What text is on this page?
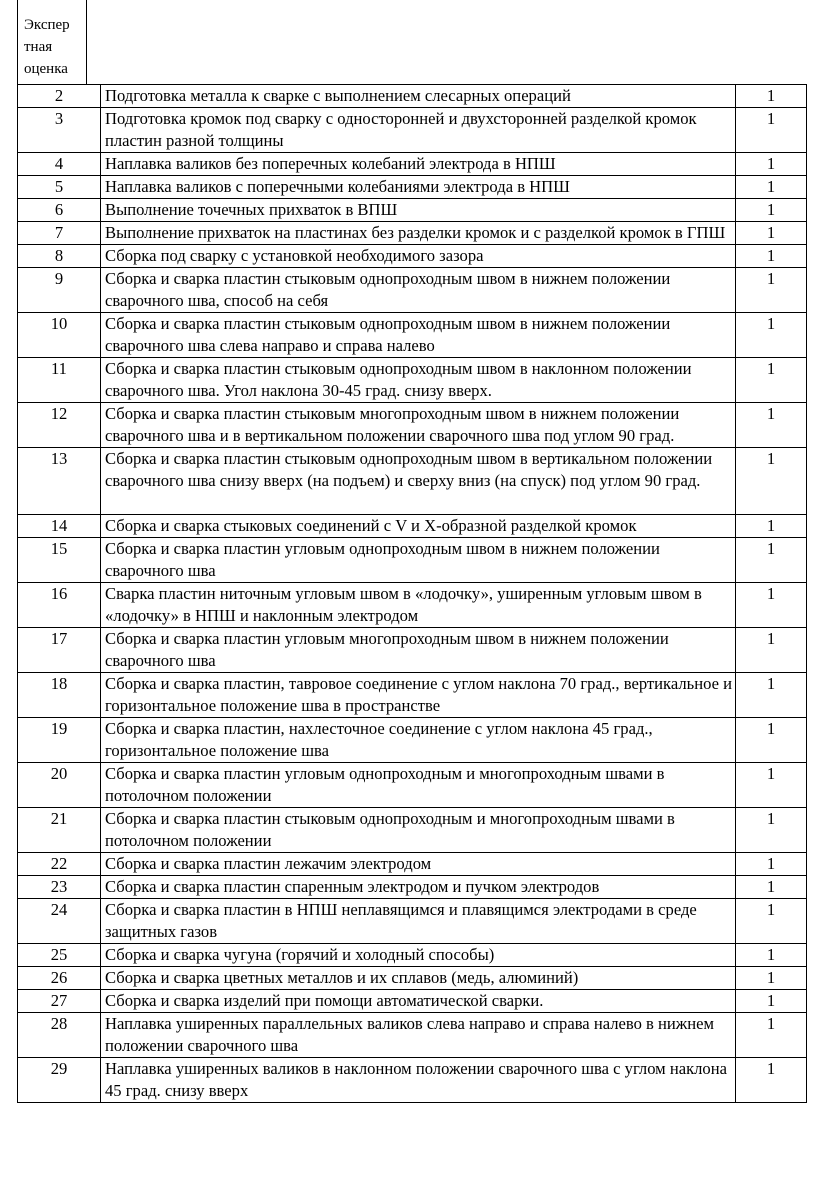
Экспер
тная
оценка
2	Подготовка металла к сварке с выполнением слесарных операций	1
3	Подготовка кромок под сварку с односторонней и двухсторонней разделкой кромок пластин разной толщины	1
4	Наплавка валиков без поперечных колебаний электрода в НПШ	1
5	Наплавка валиков с поперечными колебаниями электрода в НПШ	1
6	Выполнение точечных прихваток в ВПШ	1
7	Выполнение прихваток на пластинах без разделки кромок и с разделкой кромок в ГПШ	1
8	Сборка под сварку с установкой необходимого зазора	1
9	Сборка и сварка пластин стыковым однопроходным швом в нижнем положении сварочного шва, способ на себя	1
10	Сборка и сварка пластин стыковым однопроходным швом в нижнем положении сварочного шва слева направо и справа налево	1
11	Сборка и сварка пластин стыковым однопроходным швом в наклонном положении сварочного шва. Угол наклона 30-45 град. снизу вверх.	1
12	Сборка и сварка пластин стыковым многопроходным швом в нижнем положении сварочного шва и в вертикальном положении сварочного шва под углом 90 град.	1
13	Сборка и сварка пластин стыковым однопроходным швом в вертикальном положении сварочного шва снизу вверх (на подъем) и сверху вниз (на спуск) под углом 90 град.	1
14	Сборка и сварка стыковых соединений с V и X-образной разделкой кромок	1
15	Сборка и сварка пластин угловым однопроходным швом в нижнем положении сварочного шва	1
16	Сварка пластин ниточным угловым швом в «лодочку», уширенным угловым швом в «лодочку» в НПШ и наклонным электродом	1
17	Сборка и сварка пластин угловым многопроходным швом в нижнем положении сварочного шва	1
18	Сборка и сварка пластин, тавровое соединение с углом наклона 70 град., вертикальное и горизонтальное положение шва в пространстве	1
19	Сборка и сварка пластин, нахлесточное соединение с углом наклона 45 град., горизонтальное положение шва	1
20	Сборка и сварка пластин угловым однопроходным и многопроходным швами в потолочном положении	1
21	Сборка и сварка пластин стыковым однопроходным и многопроходным швами в потолочном положении	1
22	Сборка и сварка пластин лежачим электродом	1
23	Сборка и сварка пластин спаренным электродом и пучком электродов	1
24	Сборка и сварка пластин в НПШ неплавящимся и плавящимся электродами в среде защитных газов	1
25	Сборка и сварка чугуна (горячий и холодный способы)	1
26	Сборка и сварка цветных металлов и их сплавов (медь, алюминий)	1
27	Сборка и сварка изделий при помощи автоматической сварки.	1
28	Наплавка уширенных параллельных валиков слева направо и справа налево в нижнем положении сварочного шва	1
29	Наплавка уширенных валиков в наклонном положении сварочного шва с углом наклона 45 град. снизу вверх	1
